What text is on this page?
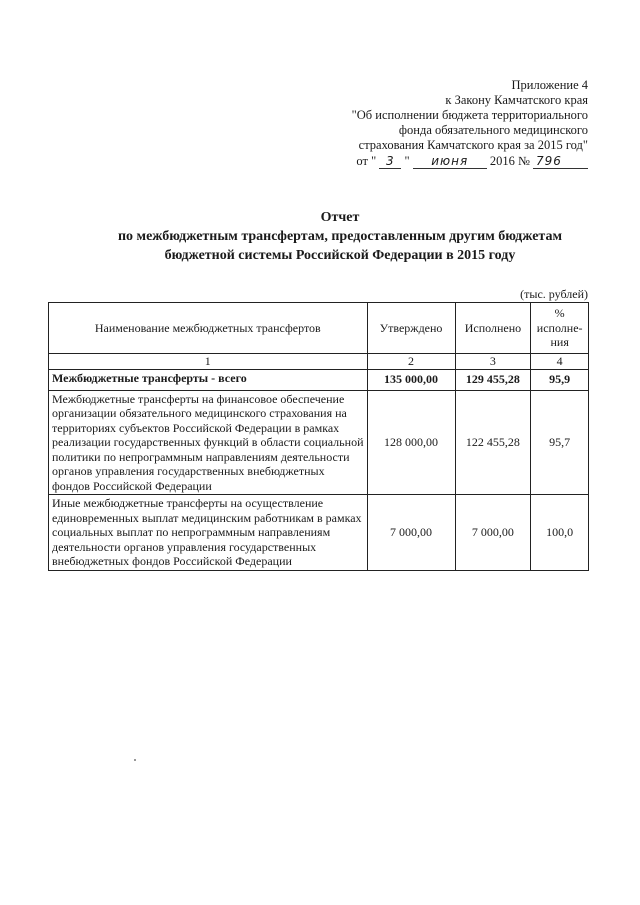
Приложение 4
к Закону Камчатского края
"Об исполнении бюджета территориального
фонда обязательного медицинского
страхования Камчатского края за 2015 год"
от " 3 " июня 2016 № 796
Отчет
по межбюджетным трансфертам, предоставленным другим бюджетам
бюджетной системы Российской Федерации в 2015 году
(тыс. рублей)
Наименование межбюджетных трансфертов	Утверждено	Исполнено	% исполне-ния
1	2	3	4
Межбюджетные трансферты - всего	135 000,00	129 455,28	95,9
Межбюджетные трансферты на финансовое обеспечение организации обязательного медицинского страхования на территориях субъектов Российской Федерации в рамках реализации государственных функций в области социальной политики по непрограммным направлениям деятельности органов управления государственных внебюджетных фондов Российской Федерации	128 000,00	122 455,28	95,7
Иные межбюджетные трансферты на осуществление единовременных выплат медицинским работникам в рамках социальных выплат по непрограммным направлениям деятельности органов управления государственных внебюджетных фондов Российской Федерации	7 000,00	7 000,00	100,0
